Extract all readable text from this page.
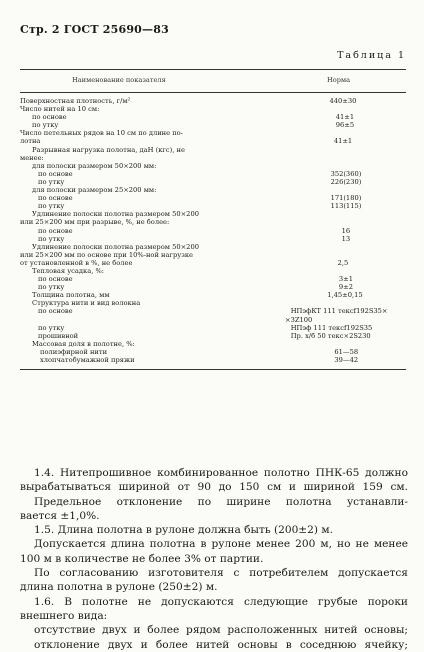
Стр. 2 ГОСТ 25690—83
Таблица 1
Наименование показателя	Норма
Поверхностная плотность, г/м²	440±30
Число нитей на 10 см:
по основе	41±1
по утку	96±5
Число петельных рядов на 10 см по длине по-
лотна	41±1
Разрывная нагрузка полотна, даН (кгс), не
менее:
для полоски размером 50×200 мм:
по основе	352(360)
по утку	226(230)
для полоски размером 25×200 мм:
по основе	171(180)
по утку	113(115)
Удлинение полоски полотна размером 50×200
или 25×200 мм при разрыве, %, не более:
по основе	16
по утку	13
Удлинение полоски полотна размером 50×200
или 25×200 мм по основе при 10%-ной нагрузке
от установленной в %, не более	2,5
Тепловая усадка, %:
по основе	3±1
по утку	9±2
Толщина полотна, мм	1,45±0,15
Структура нити и вид волокна
по основе	НПэфКТ 111 тексf192S35×
×3Z100
по утку	НПэф 111 тексf192S35
прошивной	Пр. х/б 50 текс×2S230
Массовая доля в полотне, %:
полиэфирной нити	61—58
хлопчатобумажной пряжи	39—42
1.4. Нитепрошивное комбинированное полотно ПНК-65 должно
вырабатываться шириной от 90 до 150 см и шириной 159 см.
Предельное отклонение по ширине полотна устанавли-
вается ±1,0%.
1.5. Длина полотна в рулоне должна быть (200±2) м.
Допускается длина полотна в рулоне менее 200 м, но не менее
100 м в количестве не более 3% от партии.
По согласованию изготовителя с потребителем допускается
длина полотна в рулоне (250±2) м.
1.6. В полотне не допускаются следующие грубые пороки
внешнего вида:
отсутствие двух и более рядом расположенных нитей основы;
отклонение двух и более нитей основы в соседнюю ячейку;
